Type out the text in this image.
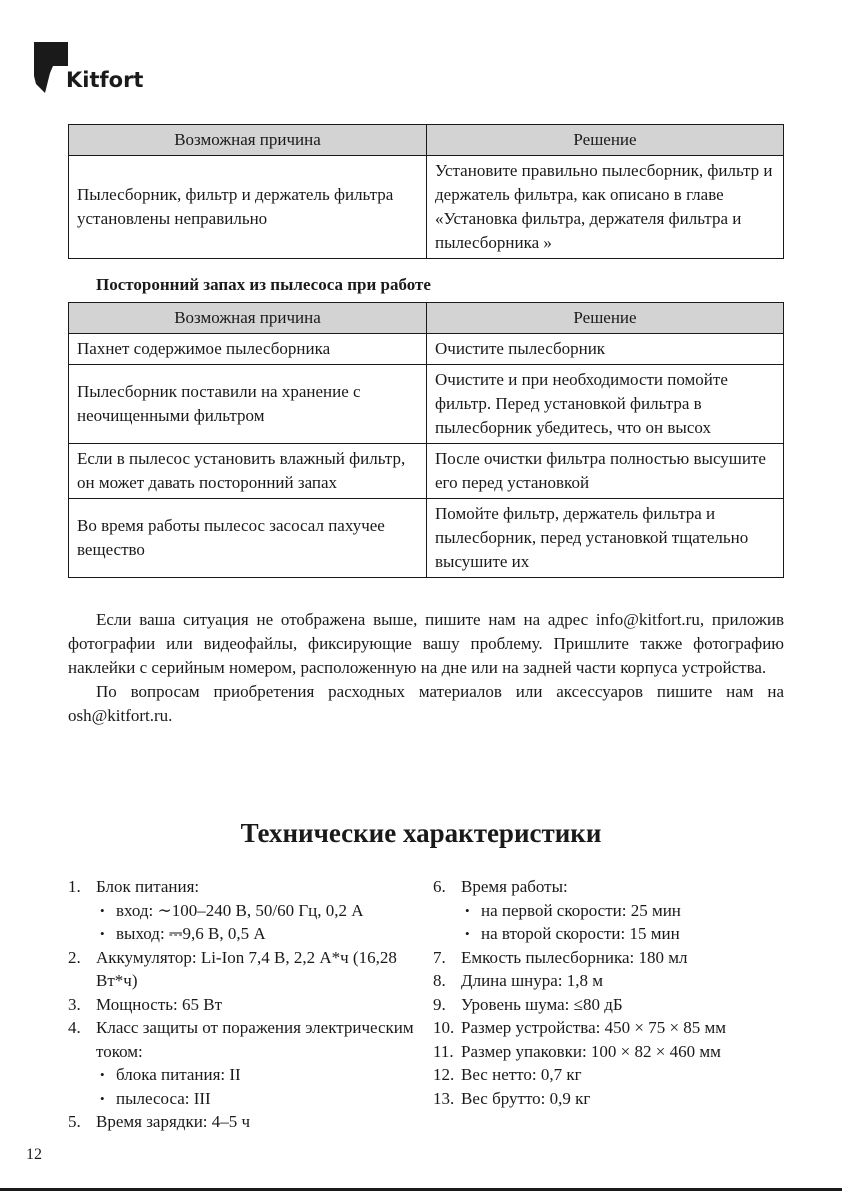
Kitfort
Возможная причина	Решение
Пылесборник, фильтр и держатель фильтра установлены неправильно	Установите правильно пылесборник, фильтр и держатель фильтра, как описано в главе «Установка фильтра, держателя фильтра и пылесборника »
Посторонний запах из пылесоса при работе
Возможная причина	Решение
Пахнет содержимое пылесборника	Очистите пылесборник
Пылесборник поставили на хранение с неочищенными фильтром	Очистите и при необходимости помойте фильтр. Перед установкой фильтра в пылесборник убедитесь, что он высох
Если в пылесос установить влажный фильтр, он может давать посторонний запах	После очистки фильтра полностью высушите его перед установкой
Во время работы пылесос засосал пахучее вещество	Помойте фильтр, держатель фильтра и пылесборник, перед установкой тщательно высушите их

Если ваша ситуация не отображена выше, пишите нам на адрес info@kitfort.ru, приложив фотографии или видеофайлы, фиксирующие вашу проблему. Пришлите также фотографию наклейки с серийным номером, расположенную на дне или на задней части корпуса устройства.

По вопросам приобретения расходных материалов или аксессуаров пишите нам на osh@kitfort.ru.

Технические характеристики
1. Блок питания:
• вход: ∼100–240 В, 50/60 Гц, 0,2 А
• выход: ⎓9,6 В, 0,5 А
2. Аккумулятор: Li-Ion 7,4 В, 2,2 А*ч (16,28 Вт*ч)
3. Мощность: 65 Вт
4. Класс защиты от поражения электрическим током:
• блока питания: II
• пылесоса: III
5. Время зарядки: 4–5 ч
6. Время работы:
• на первой скорости: 25 мин
• на второй скорости: 15 мин
7. Емкость пылесборника: 180 мл
8. Длина шнура: 1,8 м
9. Уровень шума: ≤80 дБ
10. Размер устройства: 450 × 75 × 85 мм
11. Размер упаковки: 100 × 82 × 460 мм
12. Вес нетто: 0,7 кг
13. Вес брутто: 0,9 кг
12
